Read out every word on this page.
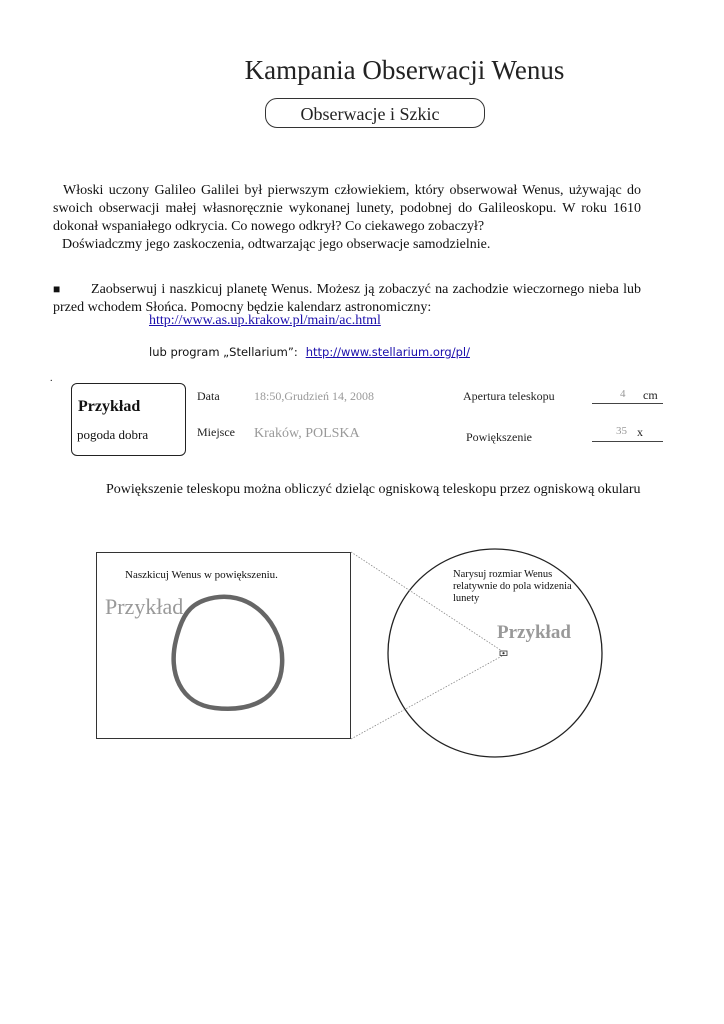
Kampania Obserwacji Wenus
Obserwacje i Szkic
Włoski uczony Galileo Galilei był pierwszym człowiekiem, który obserwował Wenus, używając do swoich obserwacji małej własnoręcznie wykonanej lunety, podobnej do Galileoskopu. W roku 1610 dokonał wspaniałego odkrycia. Co nowego odkrył? Co ciekawego zobaczył?
Doświadczmy jego zaskoczenia, odtwarzając jego obserwacje samodzielnie.
■ Zaobserwuj i naszkicuj planetę Wenus. Możesz ją zobaczyć na zachodzie wieczornego nieba lub przed wchodem Słońca. Pomocny będzie kalendarz astronomiczny:
http://www.as.up.krakow.pl/main/ac.html
lub program „Stellarium”: http://www.stellarium.org/pl/
.
Przykład
pogoda dobra
Data	18:50,Grudzień 14, 2008
Miejsce Kraków, POLSKA
Apertura teleskopu	4 cm
Powiększenie	35 x
Powiększenie teleskopu można obliczyć dzieląc ogniskową teleskopu przez ogniskową okularu
Naszkicuj Wenus w powiększeniu.
Przykład
Narysuj rozmiar Wenus relatywnie do pola widzenia lunety
Przykład
